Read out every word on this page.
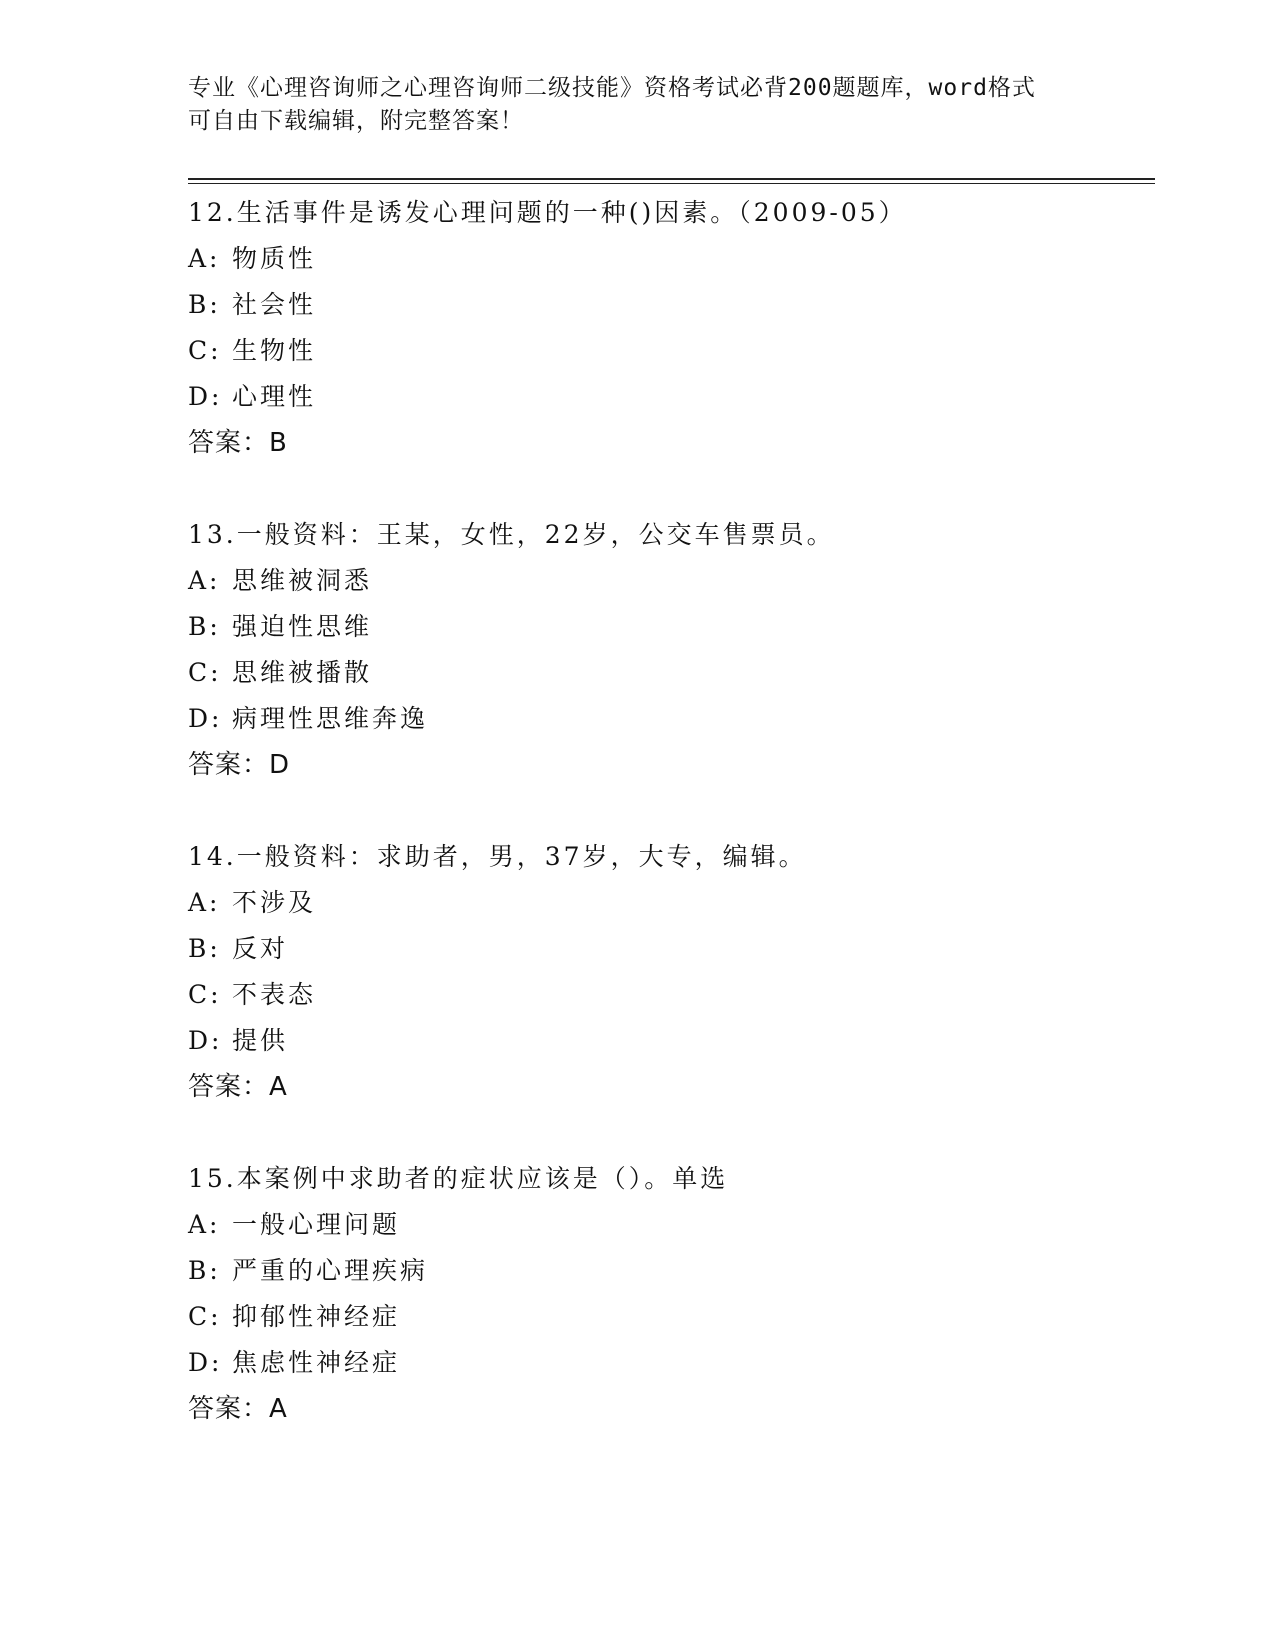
专业《心理咨询师之心理咨询师二级技能》资格考试必背200题题库，word格式
可自由下载编辑，附完整答案！
12.生活事件是诱发心理问题的一种()因素。（2009-05）
A: 物质性
B: 社会性
C: 生物性
D: 心理性
答案：B
13.一般资料：王某，女性，22岁，公交车售票员。
A: 思维被洞悉
B: 强迫性思维
C: 思维被播散
D: 病理性思维奔逸
答案：D
14.一般资料：求助者，男，37岁，大专，编辑。
A: 不涉及
B: 反对
C: 不表态
D: 提供
答案：A
15.本案例中求助者的症状应该是（）。单选
A: 一般心理问题
B: 严重的心理疾病
C: 抑郁性神经症
D: 焦虑性神经症
答案：A
